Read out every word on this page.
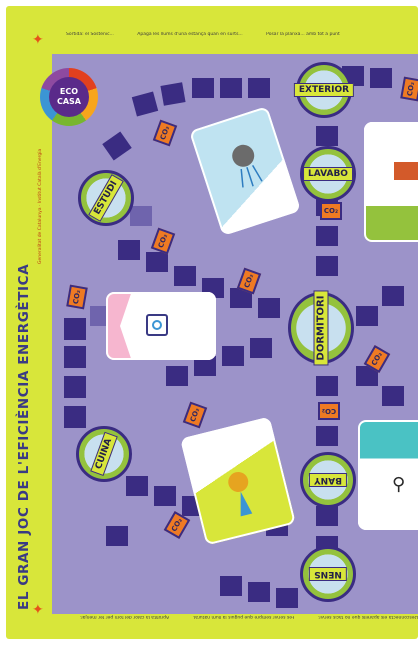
Sortida: el Sostenic...	Apaga les llums d'una estança quan en surts...	Posar la planxa... amb tot a punt
ECO
CASA
✦
✦
⚲
EXTERIOR
LAVABO
ESTUDI
DORMITORI
CUINA
BANY
NENS
CO₂
CO₂
CO₂
CO₂
CO₂
CO₂
CO₂
CO₂
CO₂
CO₂
EL GRAN JOC DE L'EFICIÈNCIA ENERGÈTICA
Generalitat de Catalunya · Institut Català d'Energia
Desconnecta els aparells que no facis servir. Fes servir sempre que puguis la llum natural. Aprofita la calor del forn per fer menjar.
